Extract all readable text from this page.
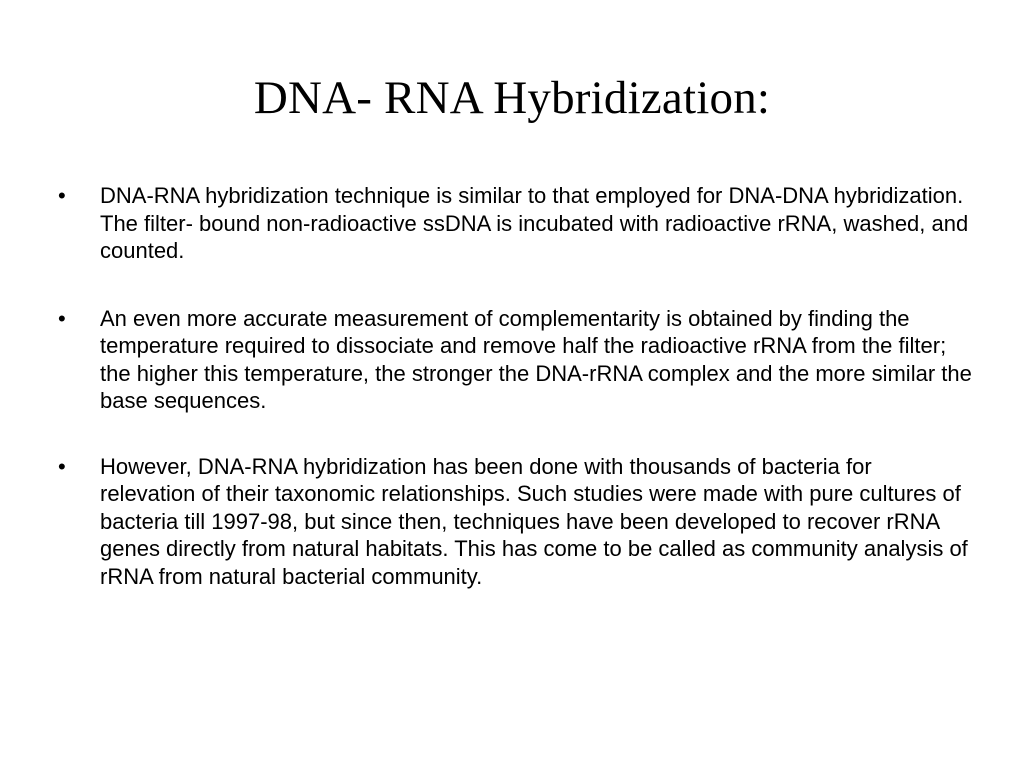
DNA- RNA Hybridization:
•	DNA-RNA hybridization technique is similar to that employed for DNA-DNA hybridization. The filter- bound non-radioactive ssDNA is incubated with radioactive rRNA, washed, and counted.
•	An even more accurate measurement of complementarity is obtained by finding the temperature required to dissociate and remove half the radioactive rRNA from the filter; the higher this temperature, the stronger the DNA-rRNA complex and the more similar the base sequences.
•	However, DNA-RNA hybridization has been done with thousands of bacteria for relevation of their taxonomic relationships. Such studies were made with pure cultures of bacteria till 1997-98, but since then, techniques have been developed to recover rRNA genes directly from natural habitats. This has come to be called as community analysis of rRNA from natural bacterial community.
